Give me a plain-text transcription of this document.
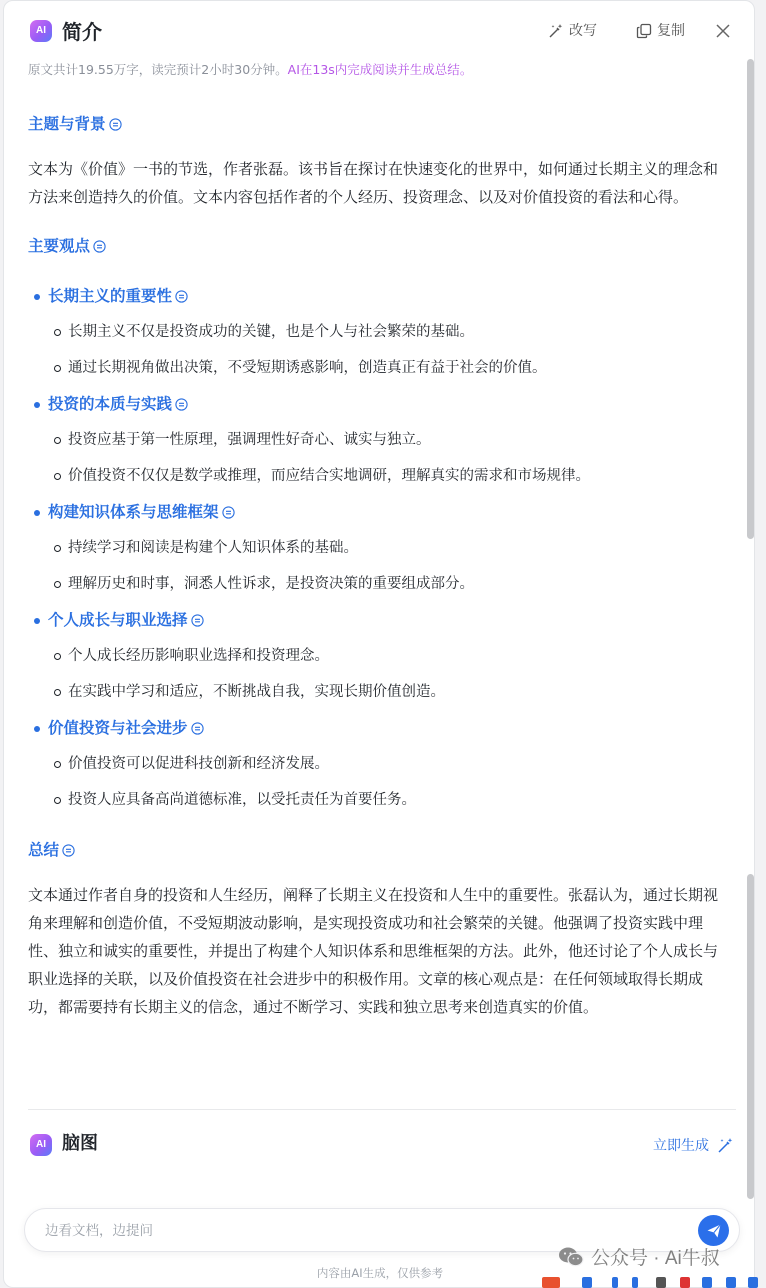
AI 简介	改写	复制
原文共计19.55万字，读完预计2小时30分钟。AI在13s内完成阅读并生成总结。
主题与背景

文本为《价值》一书的节选，作者张磊。该书旨在探讨在快速变化的世界中，如何通过长期主义的理念和方法来创造持久的价值。文本内容包括作者的个人经历、投资理念、以及对价值投资的看法和心得。

主要观点
长期主义的重要性
长期主义不仅是投资成功的关键，也是个人与社会繁荣的基础。
通过长期视角做出决策，不受短期诱惑影响，创造真正有益于社会的价值。
投资的本质与实践
投资应基于第一性原理，强调理性好奇心、诚实与独立。
价值投资不仅仅是数学或推理，而应结合实地调研，理解真实的需求和市场规律。
构建知识体系与思维框架
持续学习和阅读是构建个人知识体系的基础。
理解历史和时事，洞悉人性诉求，是投资决策的重要组成部分。
个人成长与职业选择
个人成长经历影响职业选择和投资理念。
在实践中学习和适应，不断挑战自我，实现长期价值创造。
价值投资与社会进步
价值投资可以促进科技创新和经济发展。
投资人应具备高尚道德标准，以受托责任为首要任务。
总结

文本通过作者自身的投资和人生经历，阐释了长期主义在投资和人生中的重要性。张磊认为，通过长期视角来理解和创造价值，不受短期波动影响，是实现投资成功和社会繁荣的关键。他强调了投资实践中理性、独立和诚实的重要性，并提出了构建个人知识体系和思维框架的方法。此外，他还讨论了个人成长与职业选择的关联，以及价值投资在社会进步中的积极作用。文章的核心观点是：在任何领域取得长期成功，都需要持有长期主义的信念，通过不断学习、实践和独立思考来创造真实的价值。

AI 脑图	立即生成
边看文档，边提问
内容由AI生成，仅供参考
公众号 · Ai牛叔
